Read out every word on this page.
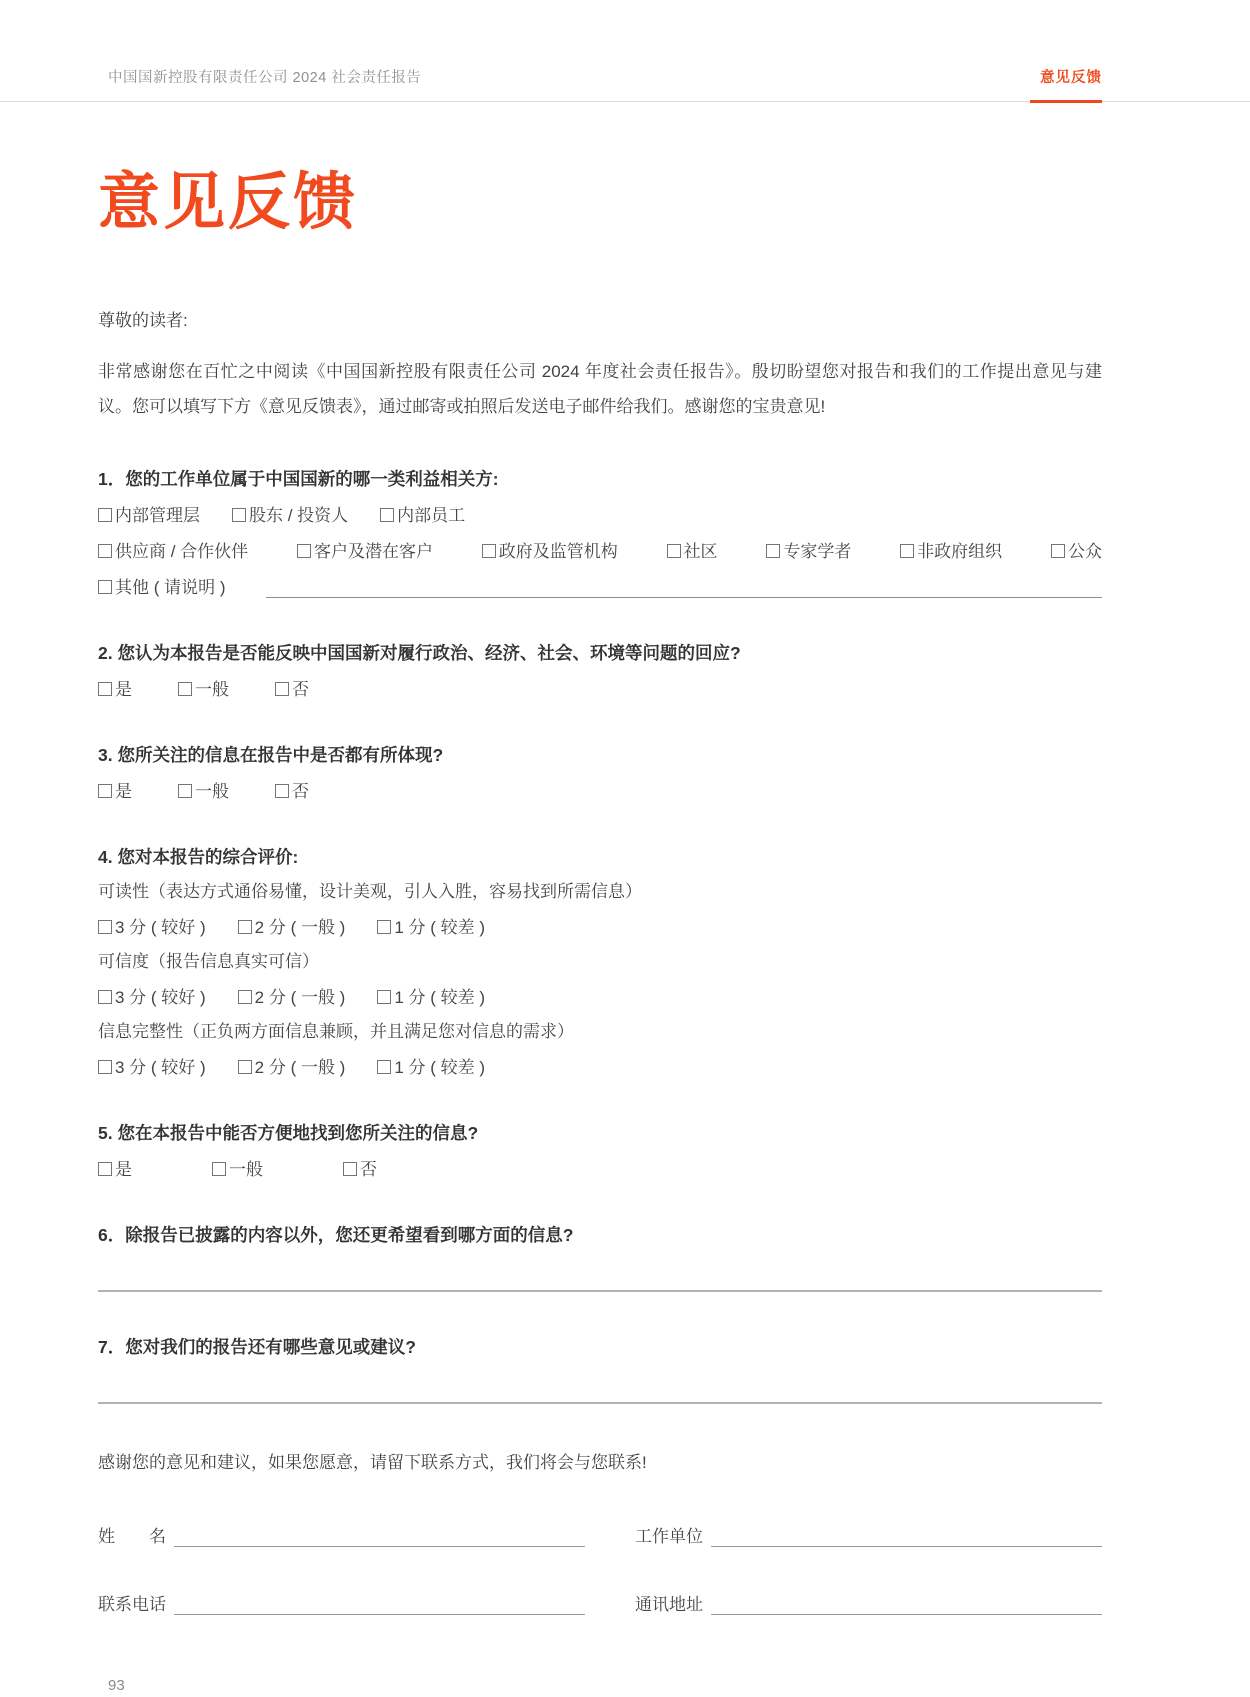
中国国新控股有限责任公司 2024 社会责任报告	意见反馈
意见反馈

尊敬的读者:

非常感谢您在百忙之中阅读《中国国新控股有限责任公司 2024 年度社会责任报告》。殷切盼望您对报告和我们的工作提出意见与建议。您可以填写下方《意见反馈表》，通过邮寄或拍照后发送电子邮件给我们。感谢您的宝贵意见!

1．您的工作单位属于中国国新的哪一类利益相关方:

内部管理层	股东 / 投资人	内部员工
供应商 / 合作伙伴	客户及潜在客户	政府及监管机构	社区	专家学者	非政府组织	公众
其他 ( 请说明 )

2. 您认为本报告是否能反映中国国新对履行政治、经济、社会、环境等问题的回应?

是	一般	否

3. 您所关注的信息在报告中是否都有所体现?

是	一般	否

4. 您对本报告的综合评价:

可读性（表达方式通俗易懂，设计美观，引人入胜，容易找到所需信息）

3 分 ( 较好 )	2 分 ( 一般 )	1 分 ( 较差 )

可信度（报告信息真实可信）

3 分 ( 较好 )	2 分 ( 一般 )	1 分 ( 较差 )

信息完整性（正负两方面信息兼顾，并且满足您对信息的需求）

3 分 ( 较好 )	2 分 ( 一般 )	1 分 ( 较差 )

5. 您在本报告中能否方便地找到您所关注的信息?

是	一般	否

6．除报告已披露的内容以外，您还更希望看到哪方面的信息?

7．您对我们的报告还有哪些意见或建议?

感谢您的意见和建议，如果您愿意，请留下联系方式，我们将会与您联系!

姓　　名	工作单位
联系电话	通讯地址

93
